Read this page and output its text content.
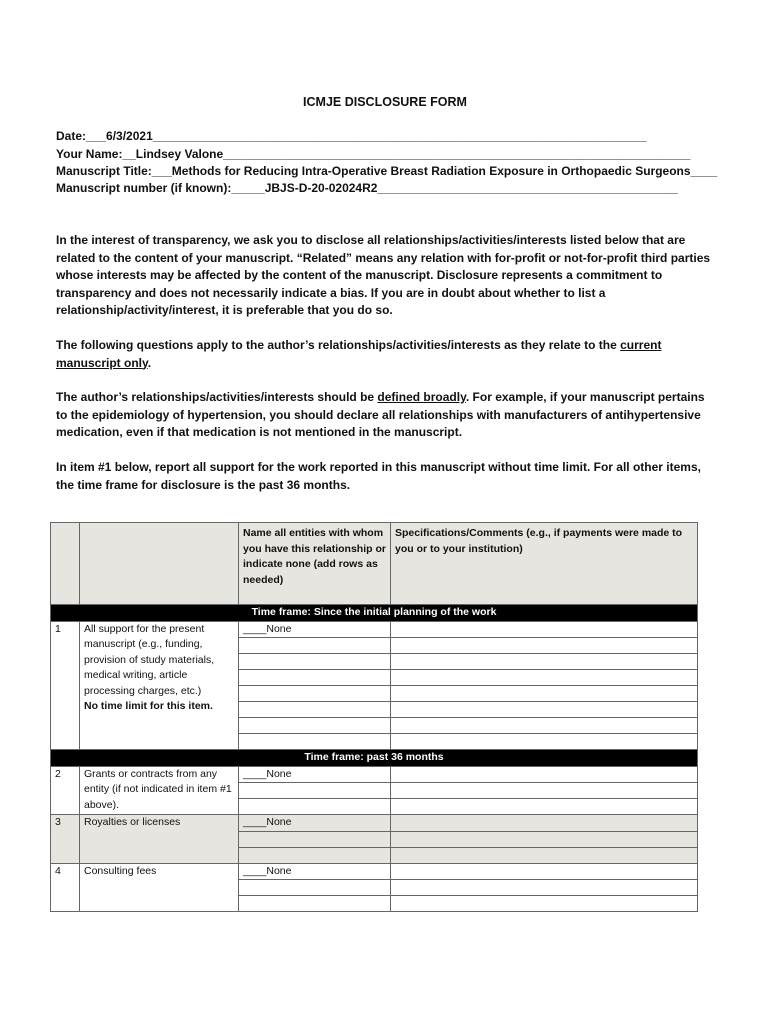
ICMJE DISCLOSURE FORM
Date:___6/3/2021__________________________________________________________________________
Your Name:__Lindsey Valone______________________________________________________________________
Manuscript Title:___Methods for Reducing Intra-Operative Breast Radiation Exposure in Orthopaedic Surgeons____
Manuscript number (if known):_____JBJS-D-20-02024R2_____________________________________________
In the interest of transparency, we ask you to disclose all relationships/activities/interests listed below that are related to the content of your manuscript. “Related” means any relation with for-profit or not-for-profit third parties whose interests may be affected by the content of the manuscript. Disclosure represents a commitment to transparency and does not necessarily indicate a bias. If you are in doubt about whether to list a relationship/activity/interest, it is preferable that you do so.
The following questions apply to the author’s relationships/activities/interests as they relate to the current manuscript only.
The author’s relationships/activities/interests should be defined broadly. For example, if your manuscript pertains to the epidemiology of hypertension, you should declare all relationships with manufacturers of antihypertensive medication, even if that medication is not mentioned in the manuscript.
In item #1 below, report all support for the work reported in this manuscript without time limit. For all other items, the time frame for disclosure is the past 36 months.
		Name all entities with whom you have this relationship or indicate none (add rows as needed)	Specifications/Comments (e.g., if payments were made to you or to your institution)
Time frame: Since the initial planning of the work			
1	All support for the present manuscript (e.g., funding, provision of study materials, medical writing, article processing charges, etc.)
No time limit for this item.	____None	

Time frame: past 36 months			
2	Grants or contracts from any entity (if not indicated in item #1 above).	____None	

3	Royalties or licenses	____None	

4	Consulting fees	____None	
